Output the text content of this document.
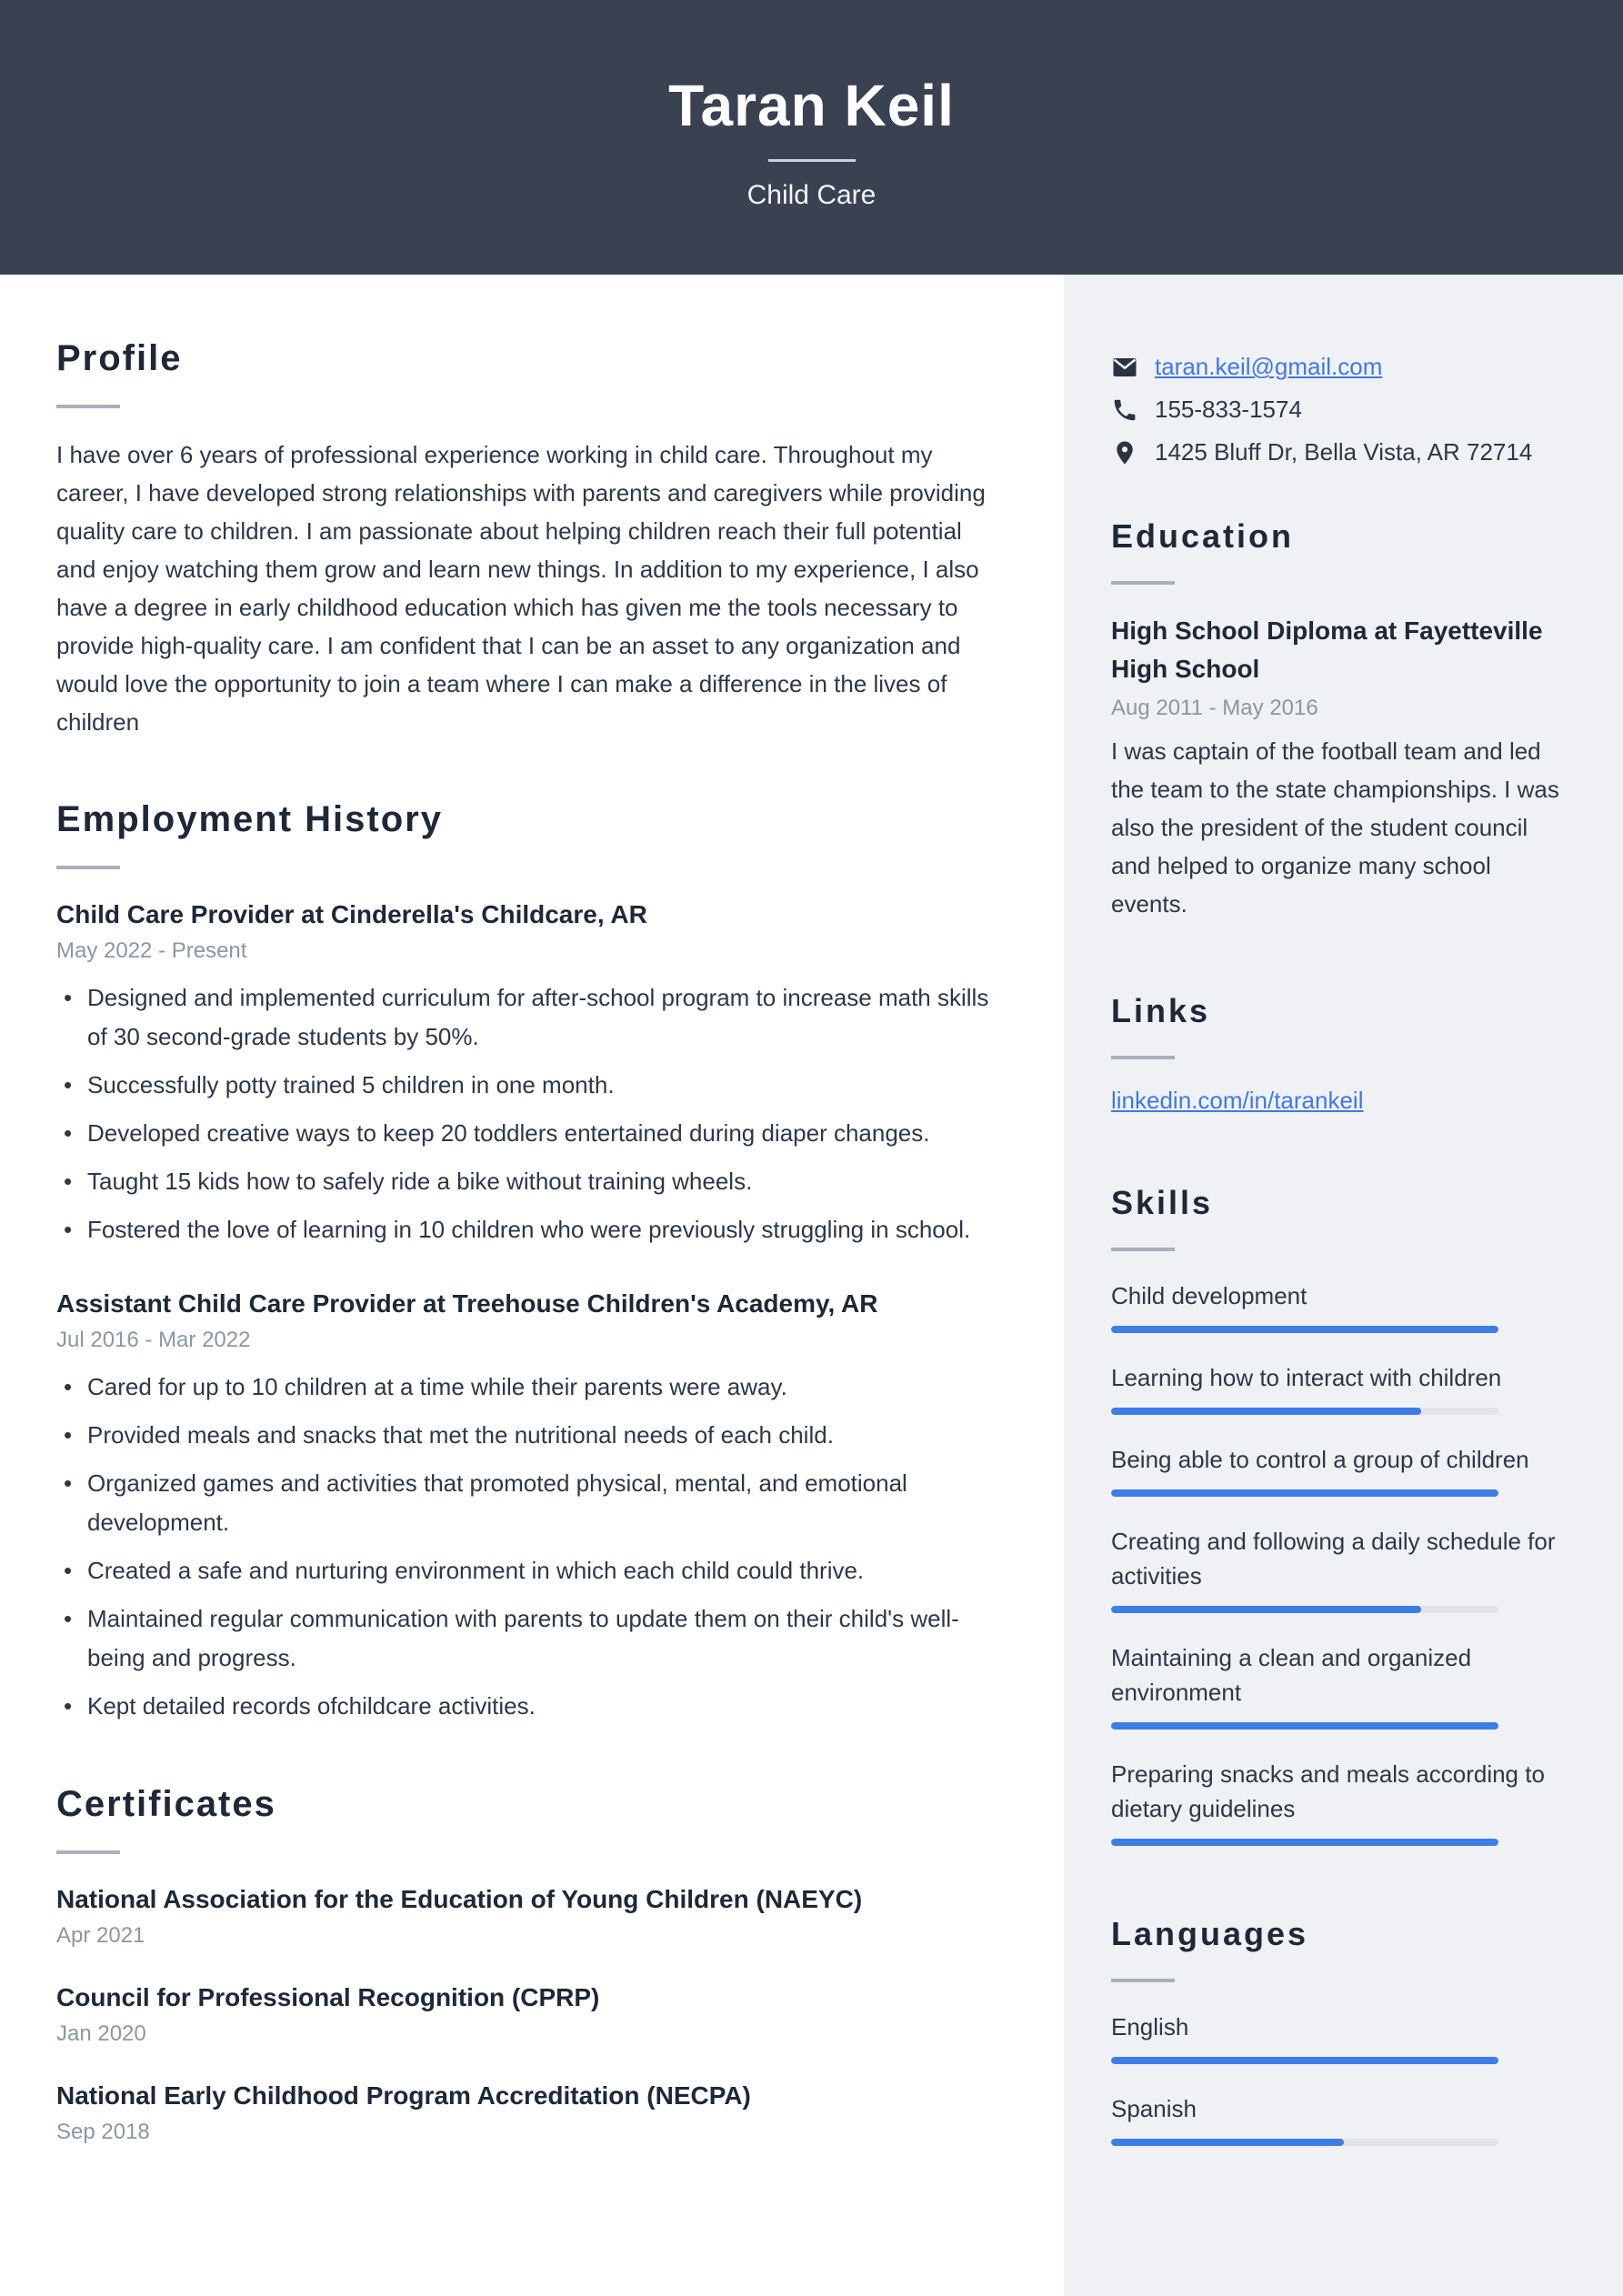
Taran Keil
Child Care
Profile

I have over 6 years of professional experience working in child care. Throughout my career, I have developed strong relationships with parents and caregivers while providing quality care to children. I am passionate about helping children reach their full potential and enjoy watching them grow and learn new things. In addition to my experience, I also have a degree in early childhood education which has given me the tools necessary to provide high-quality care. I am confident that I can be an asset to any organization and would love the opportunity to join a team where I can make a difference in the lives of children

Employment History
Child Care Provider at Cinderella's Childcare, AR
May 2022 - Present
• Designed and implemented curriculum for after-school program to increase math skills of 30 second-grade students by 50%.
• Successfully potty trained 5 children in one month.
• Developed creative ways to keep 20 toddlers entertained during diaper changes.
• Taught 15 kids how to safely ride a bike without training wheels.
• Fostered the love of learning in 10 children who were previously struggling in school.
Assistant Child Care Provider at Treehouse Children's Academy, AR
Jul 2016 - Mar 2022
• Cared for up to 10 children at a time while their parents were away.
• Provided meals and snacks that met the nutritional needs of each child.
• Organized games and activities that promoted physical, mental, and emotional development.
• Created a safe and nurturing environment in which each child could thrive.
• Maintained regular communication with parents to update them on their child's well-being and progress.
• Kept detailed records ofchildcare activities.
Certificates
National Association for the Education of Young Children (NAEYC)
Apr 2021
Council for Professional Recognition (CPRP)
Jan 2020
National Early Childhood Program Accreditation (NECPA)
Sep 2018
taran.keil@gmail.com
155-833-1574
1425 Bluff Dr, Bella Vista, AR 72714
Education
High School Diploma at Fayetteville High School
Aug 2011 - May 2016

I was captain of the football team and led the team to the state championships. I was also the president of the student council and helped to organize many school events.

Links
linkedin.com/in/tarankeil
Skills
Child development
Learning how to interact with children
Being able to control a group of children
Creating and following a daily schedule for activities
Maintaining a clean and organized environment
Preparing snacks and meals according to dietary guidelines
Languages
English
Spanish
